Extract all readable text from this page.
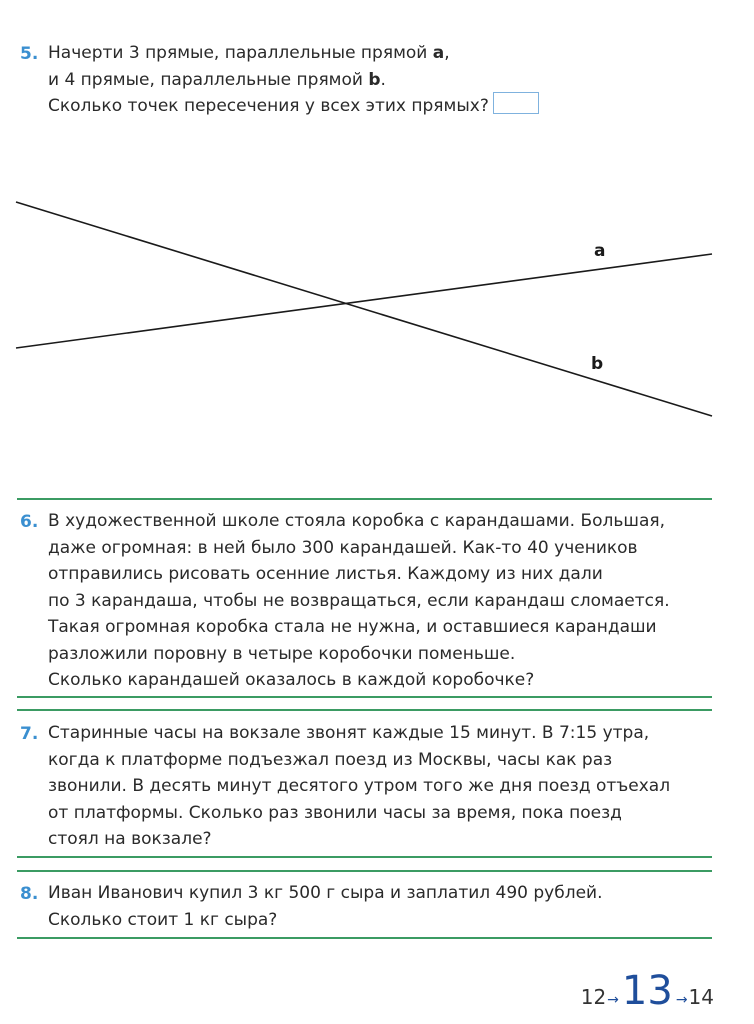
5. Начерти 3 прямые, параллельные прямой a,
и 4 прямые, параллельные прямой b.
Сколько точек пересечения у всех этих прямых?
a
b
6. В художественной школе стояла коробка с карандашами. Большая,
даже огромная: в ней было 300 карандашей. Как-то 40 учеников
отправились рисовать осенние листья. Каждому из них дали
по 3 карандаша, чтобы не возвращаться, если карандаш сломается.
Такая огромная коробка стала не нужна, и оставшиеся карандаши
разложили поровну в четыре коробочки поменьше.
Сколько карандашей оказалось в каждой коробочке?
7. Старинные часы на вокзале звонят каждые 15 минут. В 7:15 утра,
когда к платформе подъезжал поезд из Москвы, часы как раз
звонили. В десять минут десятого утром того же дня поезд отъехал
от платформы. Сколько раз звонили часы за время, пока поезд
стоял на вокзале?
8. Иван Иванович купил 3 кг 500 г сыра и заплатил 490 рублей.
Сколько стоит 1 кг сыра?
12 → 13 → 14
